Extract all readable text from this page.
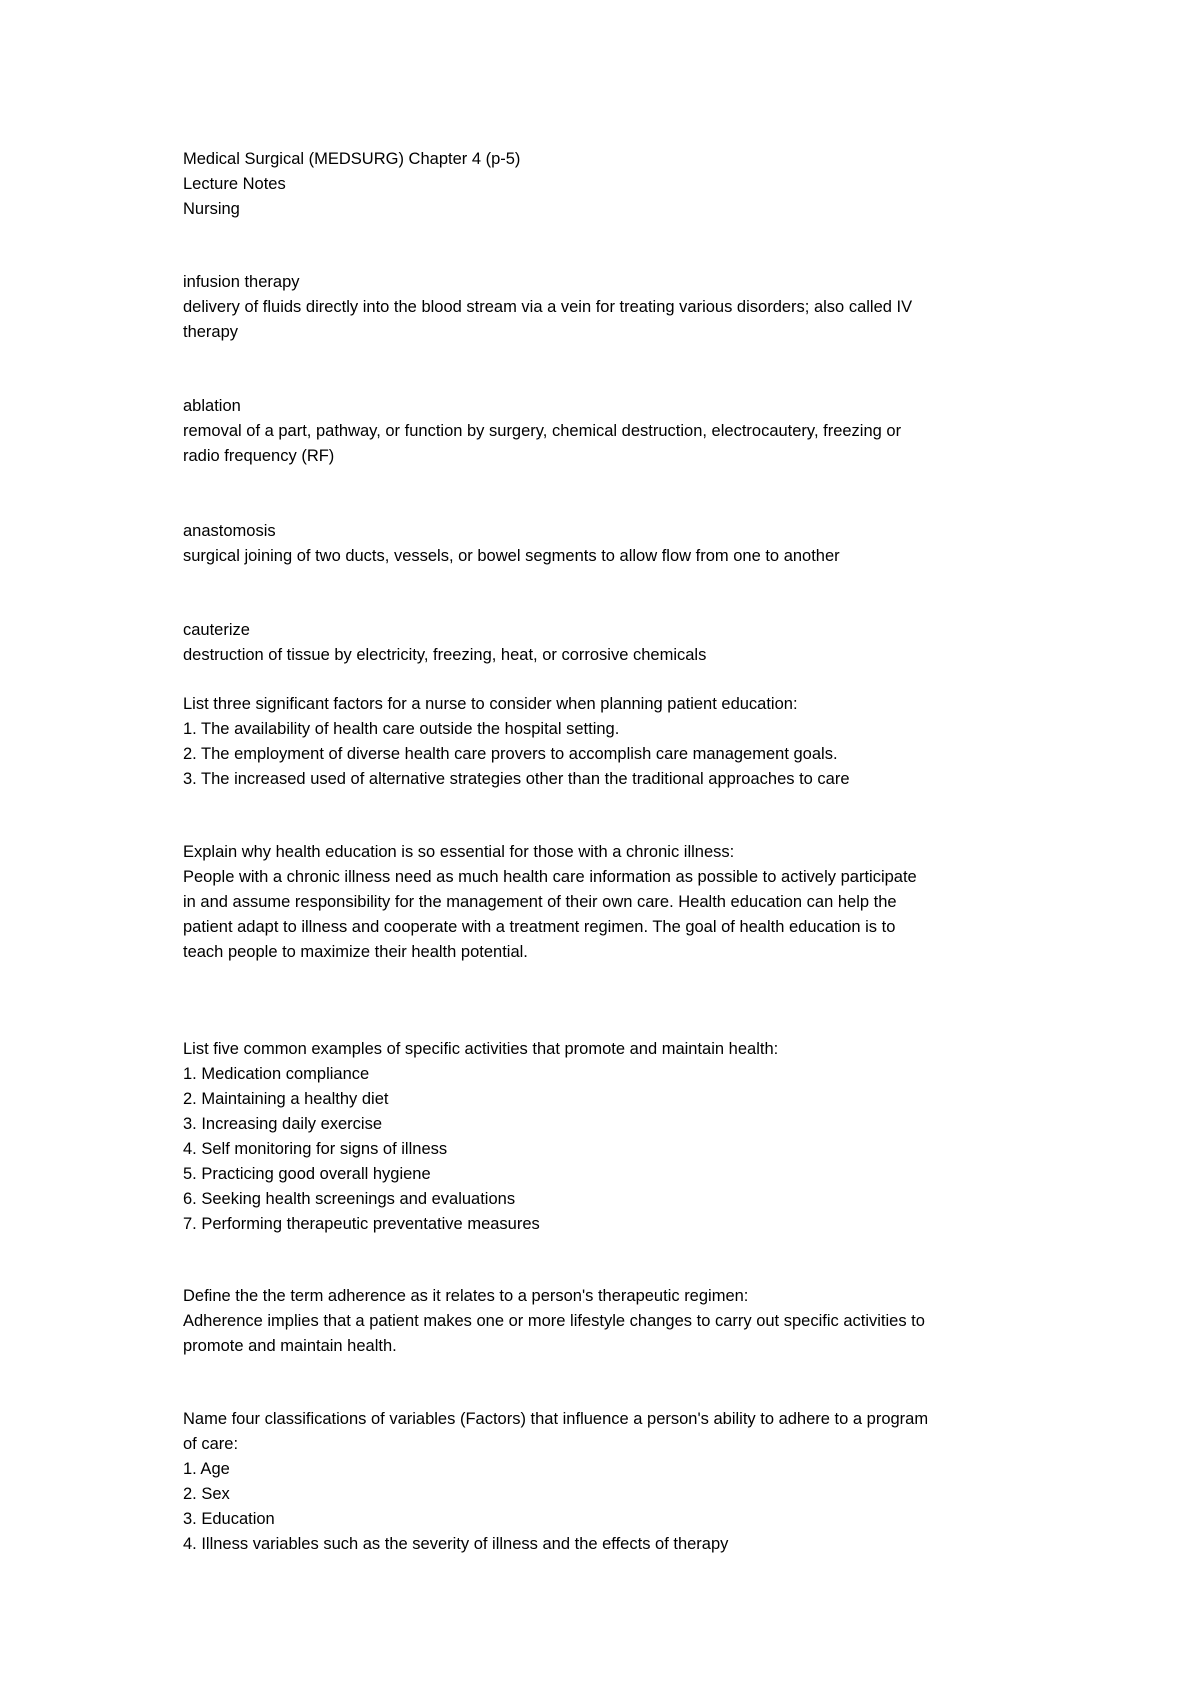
Medical Surgical (MEDSURG) Chapter 4 (p-5)
Lecture Notes
Nursing
infusion therapy
delivery of fluids directly into the blood stream via a vein for treating various disorders; also called IV
therapy
ablation
removal of a part, pathway, or function by surgery, chemical destruction, electrocautery, freezing or
radio frequency (RF)
anastomosis
surgical joining of two ducts, vessels, or bowel segments to allow flow from one to another
cauterize
destruction of tissue by electricity, freezing, heat, or corrosive chemicals
List three significant factors for a nurse to consider when planning patient education:
1. The availability of health care outside the hospital setting.
2. The employment of diverse health care provers to accomplish care management goals.
3. The increased used of alternative strategies other than the traditional approaches to care
Explain why health education is so essential for those with a chronic illness:
People with a chronic illness need as much health care information as possible to actively participate
in and assume responsibility for the management of their own care. Health education can help the
patient adapt to illness and cooperate with a treatment regimen. The goal of health education is to
teach people to maximize their health potential.
List five common examples of specific activities that promote and maintain health:
1. Medication compliance
2. Maintaining a healthy diet
3. Increasing daily exercise
4. Self monitoring for signs of illness
5. Practicing good overall hygiene
6. Seeking health screenings and evaluations
7. Performing therapeutic preventative measures
Define the the term adherence as it relates to a person's therapeutic regimen:
Adherence implies that a patient makes one or more lifestyle changes to carry out specific activities to
promote and maintain health.
Name four classifications of variables (Factors) that influence a person's ability to adhere to a program
of care:
1. Age
2. Sex
3. Education
4. Illness variables such as the severity of illness and the effects of therapy
